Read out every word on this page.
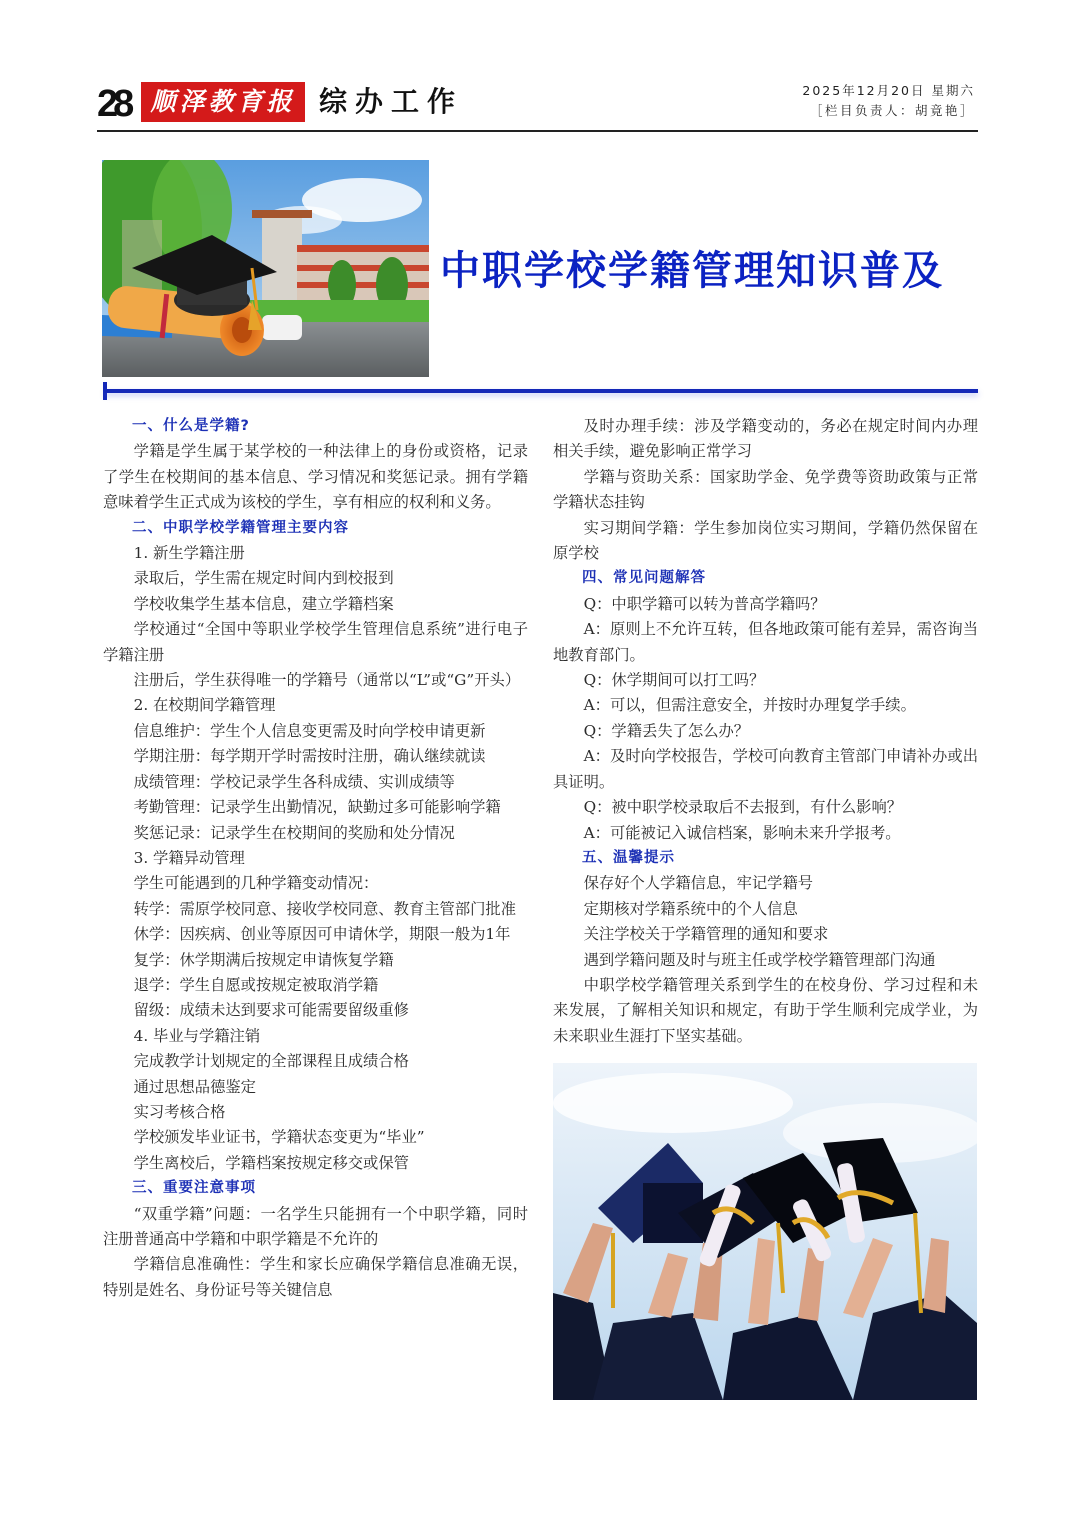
28 顺泽教育报 综办工作	2025年12月20日 星期六
［栏目负责人：胡竟艳］
中职学校学籍管理知识普及

一、什么是学籍?

学籍是学生属于某学校的一种法律上的身份或资格，记录了学生在校期间的基本信息、学习情况和奖惩记录。拥有学籍意味着学生正式成为该校的学生，享有相应的权利和义务。

二、中职学校学籍管理主要内容

1. 新生学籍注册

录取后，学生需在规定时间内到校报到

学校收集学生基本信息，建立学籍档案

学校通过“全国中等职业学校学生管理信息系统”进行电子学籍注册

注册后，学生获得唯一的学籍号（通常以“L”或“G”开头）

2. 在校期间学籍管理

信息维护：学生个人信息变更需及时向学校申请更新

学期注册：每学期开学时需按时注册，确认继续就读

成绩管理：学校记录学生各科成绩、实训成绩等

考勤管理：记录学生出勤情况，缺勤过多可能影响学籍

奖惩记录：记录学生在校期间的奖励和处分情况

3. 学籍异动管理

学生可能遇到的几种学籍变动情况：

转学：需原学校同意、接收学校同意、教育主管部门批准

休学：因疾病、创业等原因可申请休学，期限一般为1年

复学：休学期满后按规定申请恢复学籍

退学：学生自愿或按规定被取消学籍

留级：成绩未达到要求可能需要留级重修

4. 毕业与学籍注销

完成教学计划规定的全部课程且成绩合格

通过思想品德鉴定

实习考核合格

学校颁发毕业证书，学籍状态变更为“毕业”

学生离校后，学籍档案按规定移交或保管

三、重要注意事项

“双重学籍”问题：一名学生只能拥有一个中职学籍，同时注册普通高中学籍和中职学籍是不允许的

学籍信息准确性：学生和家长应确保学籍信息准确无误，特别是姓名、身份证号等关键信息

及时办理手续：涉及学籍变动的，务必在规定时间内办理相关手续，避免影响正常学习

学籍与资助关系：国家助学金、免学费等资助政策与正常学籍状态挂钩

实习期间学籍：学生参加岗位实习期间，学籍仍然保留在原学校

四、常见问题解答

Q：中职学籍可以转为普高学籍吗？

A：原则上不允许互转，但各地政策可能有差异，需咨询当地教育部门。

Q：休学期间可以打工吗？

A：可以，但需注意安全，并按时办理复学手续。

Q：学籍丢失了怎么办？

A：及时向学校报告，学校可向教育主管部门申请补办或出具证明。

Q：被中职学校录取后不去报到，有什么影响？

A：可能被记入诚信档案，影响未来升学报考。

五、温馨提示

保存好个人学籍信息，牢记学籍号

定期核对学籍系统中的个人信息

关注学校关于学籍管理的通知和要求

遇到学籍问题及时与班主任或学校学籍管理部门沟通

中职学校学籍管理关系到学生的在校身份、学习过程和未来发展，了解相关知识和规定，有助于学生顺利完成学业，为未来职业生涯打下坚实基础。
